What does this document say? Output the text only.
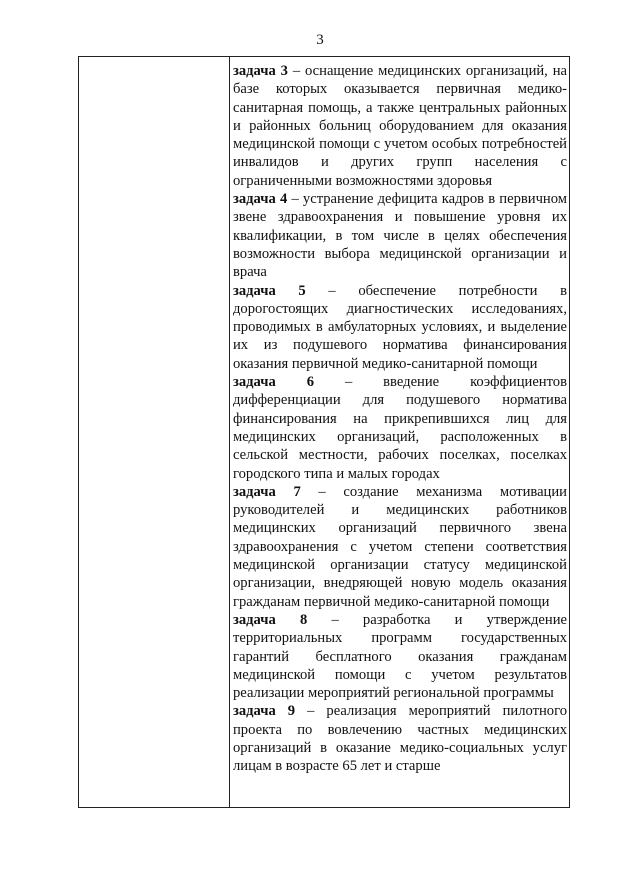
3

задача 3 – оснащение медицинских организаций, на базе которых оказывается первичная медико-санитарная помощь, а также центральных районных и районных больниц оборудованием для оказания медицинской помощи с учетом особых потребностей инвалидов и других групп населения с ограниченными возможностями здоровья

задача 4 – устранение дефицита кадров в первичном звене здравоохранения и повышение уровня их квалификации, в том числе в целях обеспечения возможности выбора медицинской организации и врача

задача 5 – обеспечение потребности в дорогостоящих диагностических исследованиях, проводимых в амбулаторных условиях, и выделение их из подушевого норматива финансирования оказания первичной медико-санитарной помощи

задача 6 – введение коэффициентов дифференциации для подушевого норматива финансирования на прикрепившихся лиц для медицинских организаций, расположенных в сельской местности, рабочих поселках, поселках городского типа и малых городах

задача 7 – создание механизма мотивации руководителей и медицинских работников медицинских организаций первичного звена здравоохранения с учетом степени соответствия медицинской организации статусу медицинской организации, внедряющей новую модель оказания гражданам первичной медико-санитарной помощи

задача 8 – разработка и утверждение территориальных программ государственных гарантий бесплатного оказания гражданам медицинской помощи с учетом результатов реализации мероприятий региональной программы

задача 9 – реализация мероприятий пилотного проекта по вовлечению частных медицинских организаций в оказание медико-социальных услуг лицам в возрасте 65 лет и старше
